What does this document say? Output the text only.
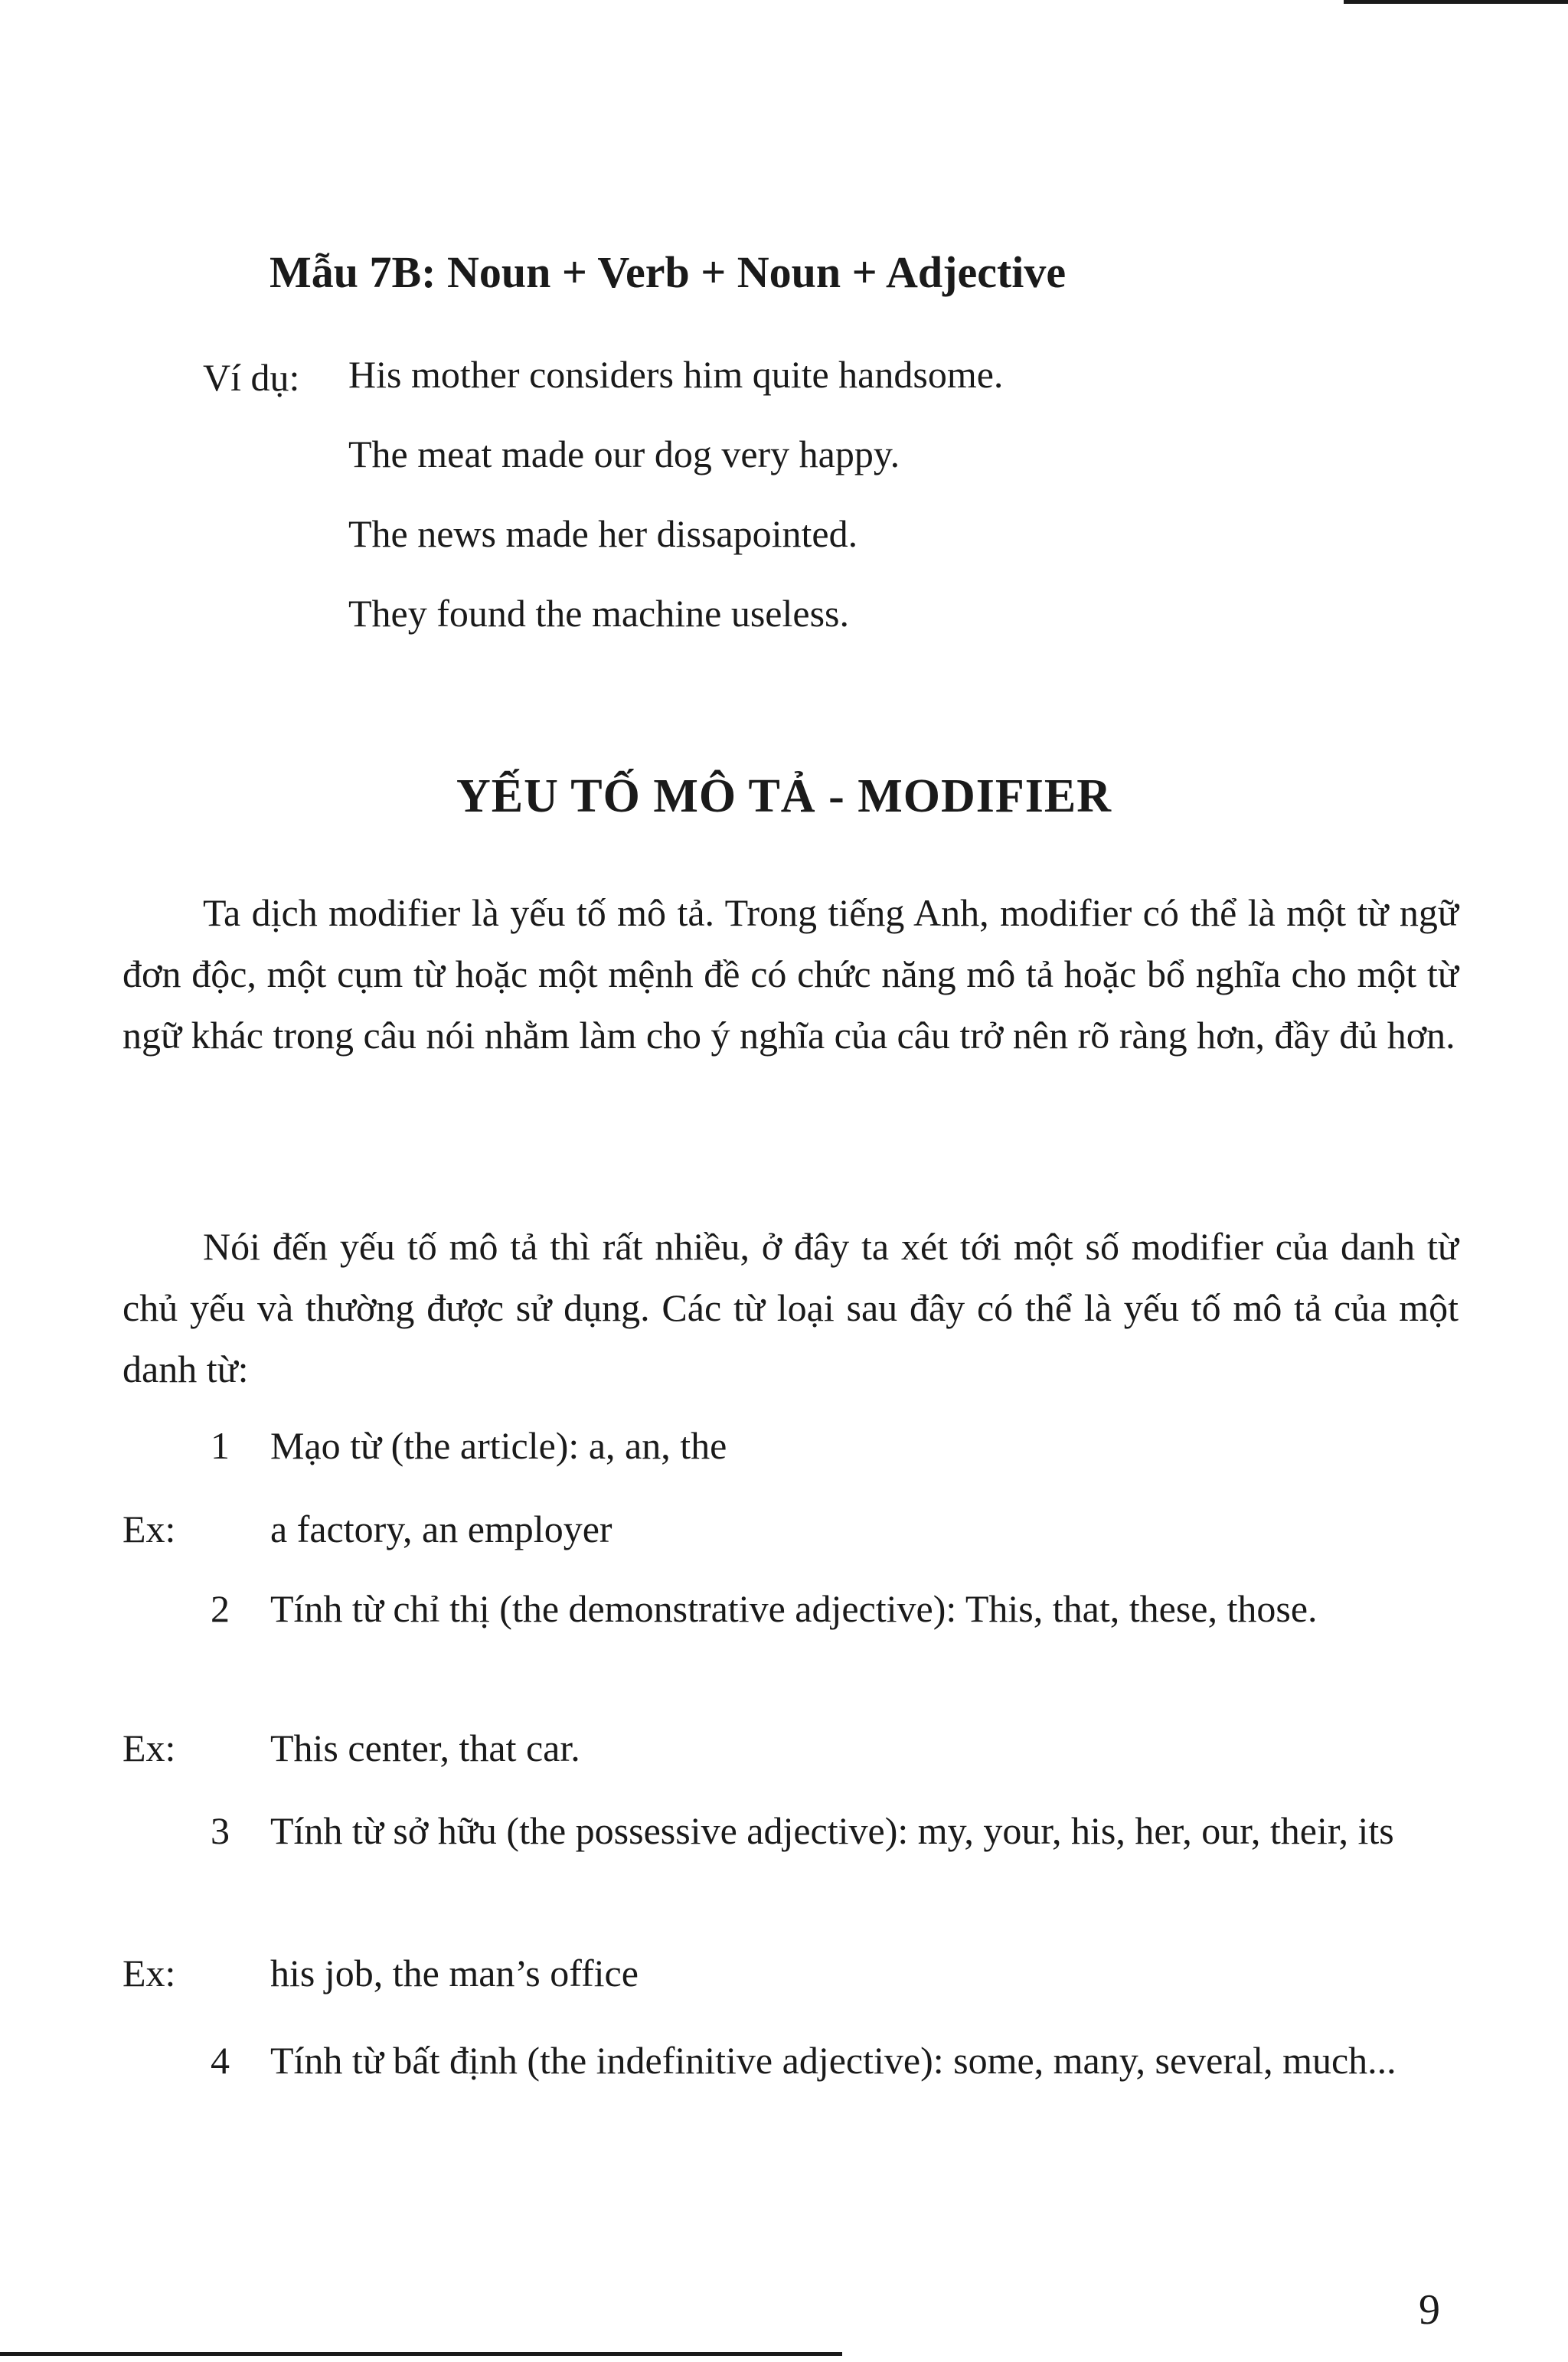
Mẫu 7B: Noun + Verb + Noun + Adjective
Ví dụ: His mother considers him quite handsome.
The meat made our dog very happy.
The news made her dissapointed.
They found the machine useless.
YẾU TỐ MÔ TẢ - MODIFIER

Ta dịch modifier là yếu tố mô tả. Trong tiếng Anh, modifier có thể là một từ ngữ đơn độc, một cụm từ hoặc một mệnh đề có chức năng mô tả hoặc bổ nghĩa cho một từ ngữ khác trong câu nói nhằm làm cho ý nghĩa của câu trở nên rõ ràng hơn, đầy đủ hơn.

Nói đến yếu tố mô tả thì rất nhiều, ở đây ta xét tới một số modifier của danh từ chủ yếu và thường được sử dụng. Các từ loại sau đây có thể là yếu tố mô tả của một danh từ:

1	Mạo từ (the article): a, an, the
Ex: a factory, an employer
2	Tính từ chỉ thị (the demonstrative adjective): This, that, these, those.
Ex: This center, that car.
3	Tính từ sở hữu (the possessive adjective): my, your, his, her, our, their, its
Ex: his job, the man’s office
4	Tính từ bất định (the indefinitive adjective): some, many, several, much...
9
